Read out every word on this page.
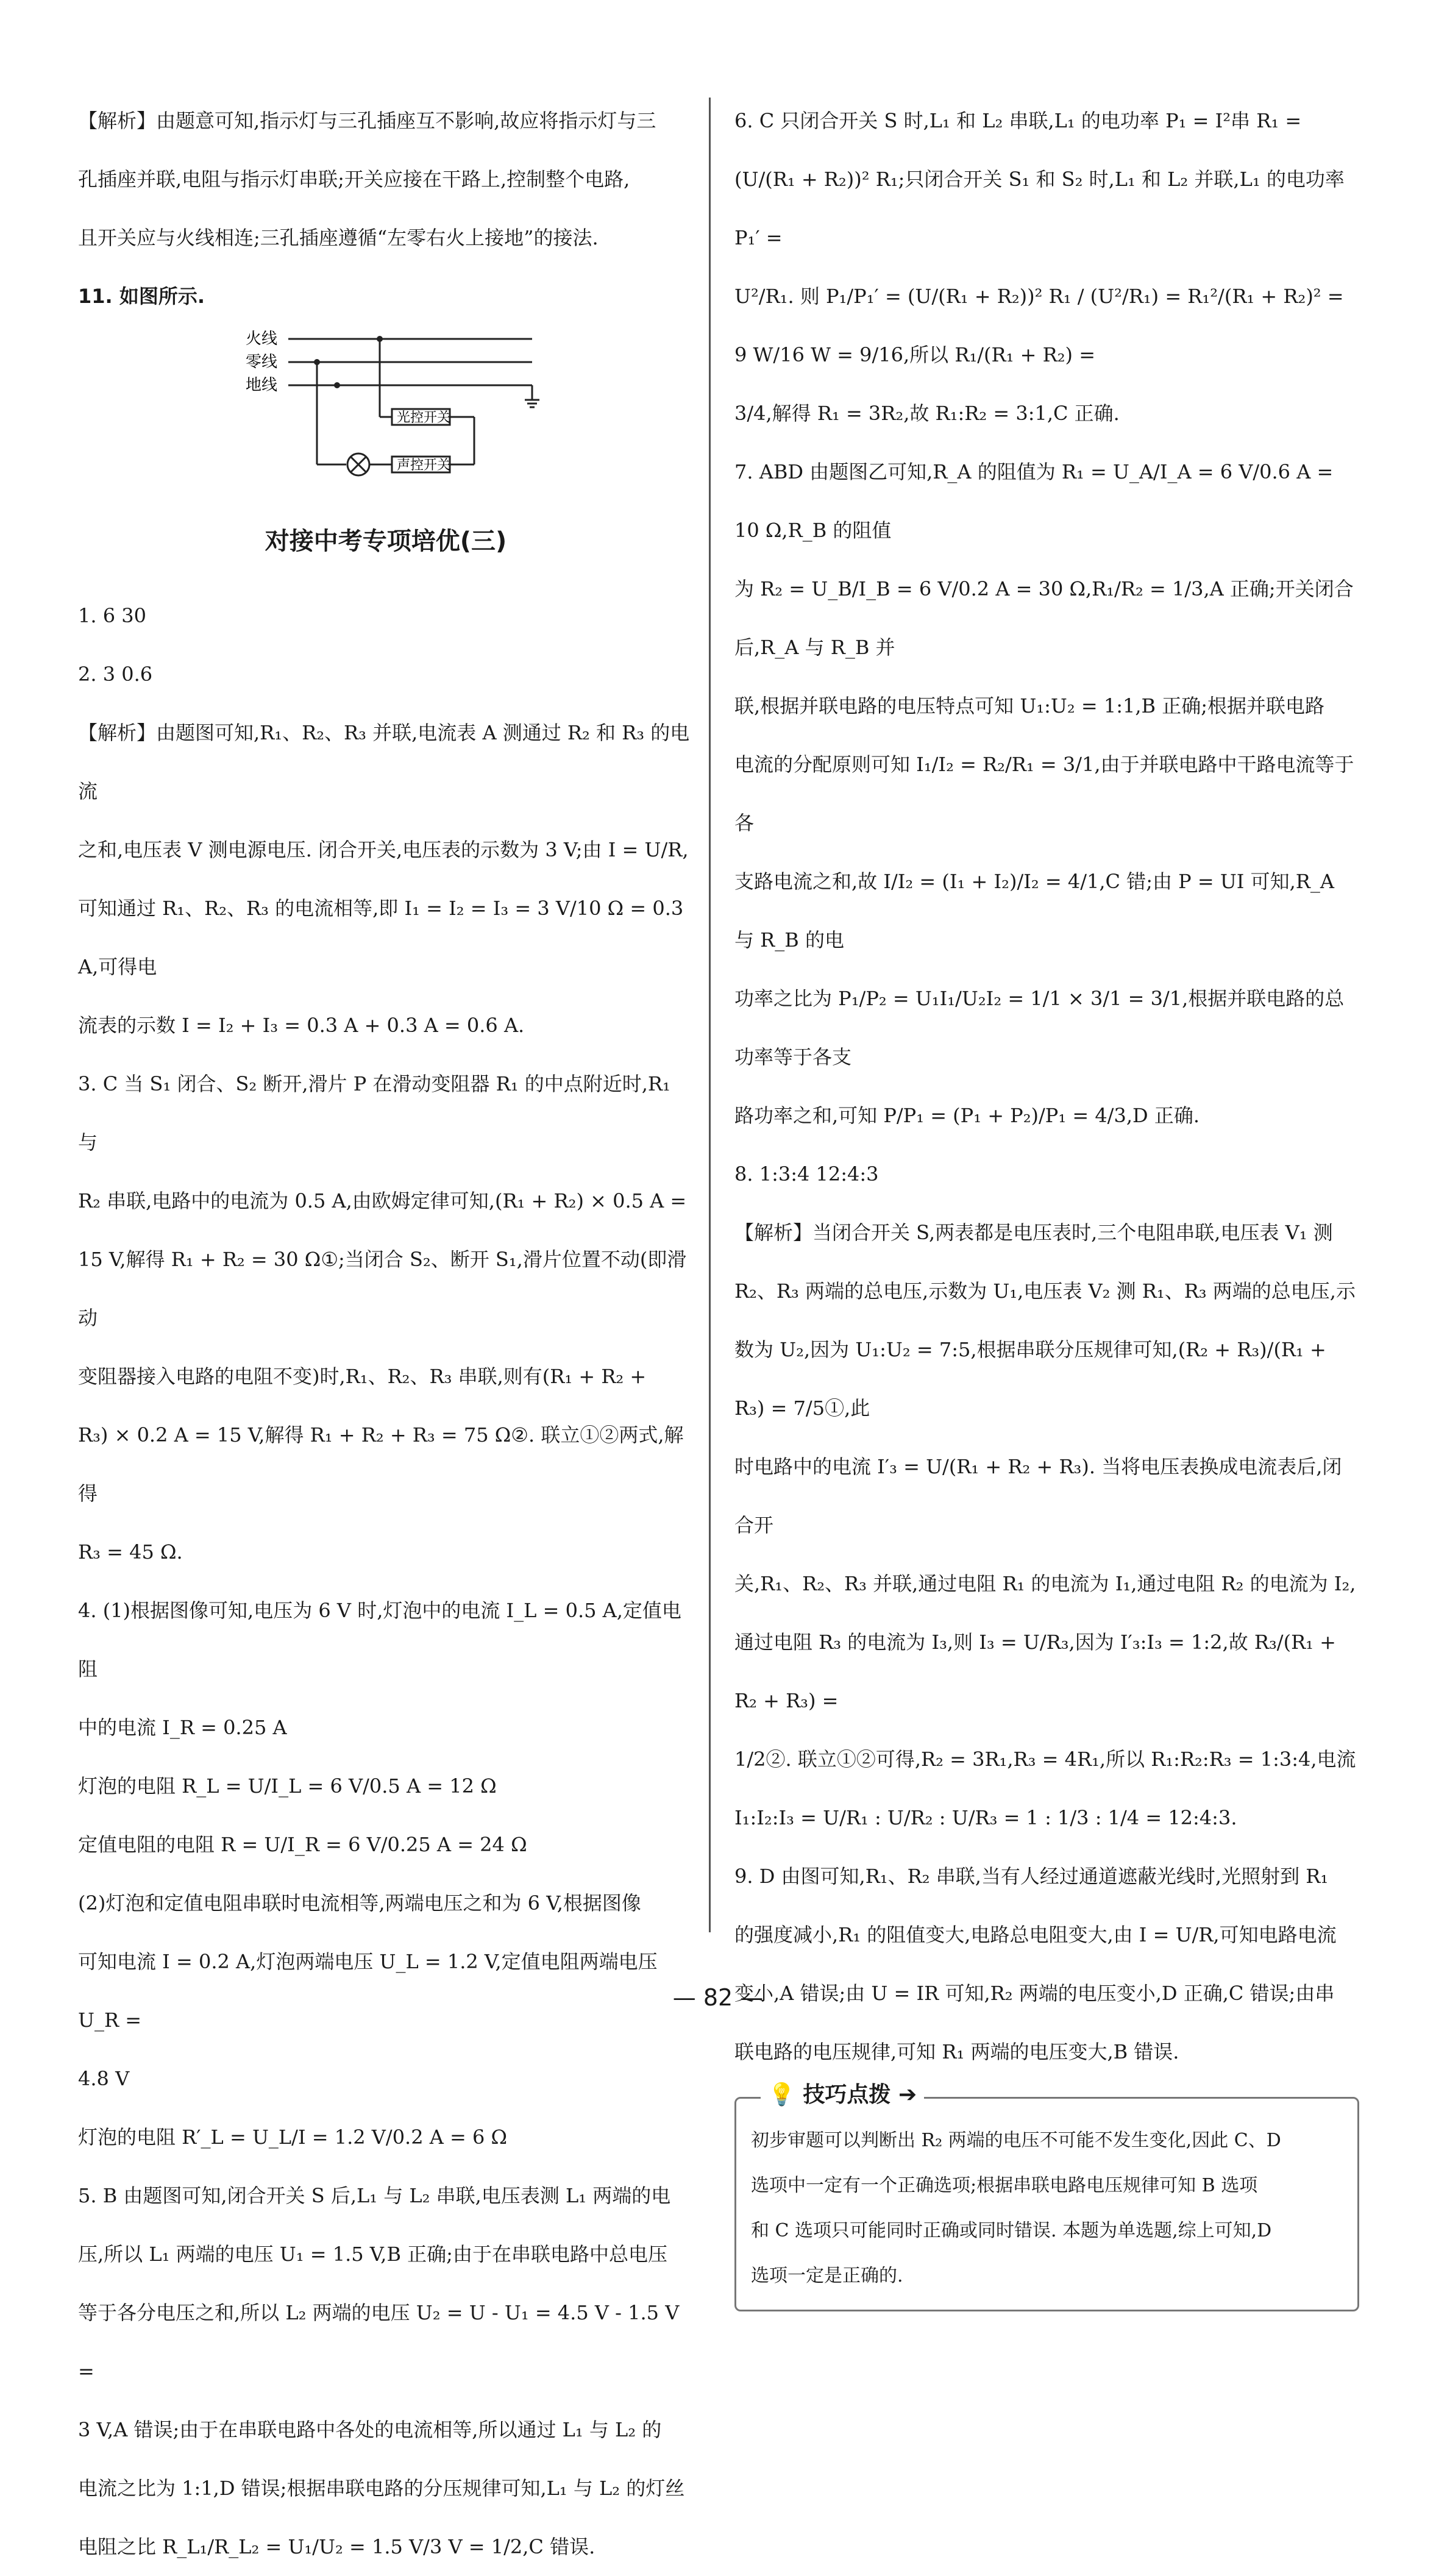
【解析】由题意可知,指示灯与三孔插座互不影响,故应将指示灯与三

孔插座并联,电阻与指示灯串联;开关应接在干路上,控制整个电路,

且开关应与火线相连;三孔插座遵循“左零右火上接地”的接法.

11. 如图所示.

火线
零线
地线
声控开关
光控开关
对接中考专项培优(三)

1. 6 30

2. 3 0.6

【解析】由题图可知,R₁、R₂、R₃ 并联,电流表 A 测通过 R₂ 和 R₃ 的电流

之和,电压表 V 测电源电压. 闭合开关,电压表的示数为 3 V;由 I = U/R,

可知通过 R₁、R₂、R₃ 的电流相等,即 I₁ = I₂ = I₃ = 3 V/10 Ω = 0.3 A,可得电

流表的示数 I = I₂ + I₃ = 0.3 A + 0.3 A = 0.6 A.

3. C 当 S₁ 闭合、S₂ 断开,滑片 P 在滑动变阻器 R₁ 的中点附近时,R₁ 与

R₂ 串联,电路中的电流为 0.5 A,由欧姆定律可知,(R₁ + R₂) × 0.5 A =

15 V,解得 R₁ + R₂ = 30 Ω①;当闭合 S₂、断开 S₁,滑片位置不动(即滑动

变阻器接入电路的电阻不变)时,R₁、R₂、R₃ 串联,则有(R₁ + R₂ +

R₃) × 0.2 A = 15 V,解得 R₁ + R₂ + R₃ = 75 Ω②. 联立①②两式,解得

R₃ = 45 Ω.

4. (1)根据图像可知,电压为 6 V 时,灯泡中的电流 I_L = 0.5 A,定值电阻

中的电流 I_R = 0.25 A

灯泡的电阻 R_L = U/I_L = 6 V/0.5 A = 12 Ω

定值电阻的电阻 R = U/I_R = 6 V/0.25 A = 24 Ω

(2)灯泡和定值电阻串联时电流相等,两端电压之和为 6 V,根据图像

可知电流 I = 0.2 A,灯泡两端电压 U_L = 1.2 V,定值电阻两端电压 U_R =

4.8 V

灯泡的电阻 R′_L = U_L/I = 1.2 V/0.2 A = 6 Ω

5. B 由题图可知,闭合开关 S 后,L₁ 与 L₂ 串联,电压表测 L₁ 两端的电

压,所以 L₁ 两端的电压 U₁ = 1.5 V,B 正确;由于在串联电路中总电压

等于各分电压之和,所以 L₂ 两端的电压 U₂ = U - U₁ = 4.5 V - 1.5 V =

3 V,A 错误;由于在串联电路中各处的电流相等,所以通过 L₁ 与 L₂ 的

电流之比为 1:1,D 错误;根据串联电路的分压规律可知,L₁ 与 L₂ 的灯丝

电阻之比 R_L₁/R_L₂ = U₁/U₂ = 1.5 V/3 V = 1/2,C 错误.

6. C 只闭合开关 S 时,L₁ 和 L₂ 串联,L₁ 的电功率 P₁ = I²串 R₁ =

(U/(R₁ + R₂))² R₁;只闭合开关 S₁ 和 S₂ 时,L₁ 和 L₂ 并联,L₁ 的电功率 P₁′ =

U²/R₁. 则 P₁/P₁′ = (U/(R₁ + R₂))² R₁ / (U²/R₁) = R₁²/(R₁ + R₂)² = 9 W/16 W = 9/16,所以 R₁/(R₁ + R₂) =

3/4,解得 R₁ = 3R₂,故 R₁:R₂ = 3:1,C 正确.

7. ABD 由题图乙可知,R_A 的阻值为 R₁ = U_A/I_A = 6 V/0.6 A = 10 Ω,R_B 的阻值

为 R₂ = U_B/I_B = 6 V/0.2 A = 30 Ω,R₁/R₂ = 1/3,A 正确;开关闭合后,R_A 与 R_B 并

联,根据并联电路的电压特点可知 U₁:U₂ = 1:1,B 正确;根据并联电路

电流的分配原则可知 I₁/I₂ = R₂/R₁ = 3/1,由于并联电路中干路电流等于各

支路电流之和,故 I/I₂ = (I₁ + I₂)/I₂ = 4/1,C 错;由 P = UI 可知,R_A 与 R_B 的电

功率之比为 P₁/P₂ = U₁I₁/U₂I₂ = 1/1 × 3/1 = 3/1,根据并联电路的总功率等于各支

路功率之和,可知 P/P₁ = (P₁ + P₂)/P₁ = 4/3,D 正确.

8. 1:3:4 12:4:3

【解析】当闭合开关 S,两表都是电压表时,三个电阻串联,电压表 V₁ 测

R₂、R₃ 两端的总电压,示数为 U₁,电压表 V₂ 测 R₁、R₃ 两端的总电压,示

数为 U₂,因为 U₁:U₂ = 7:5,根据串联分压规律可知,(R₂ + R₃)/(R₁ + R₃) = 7/5①,此

时电路中的电流 I′₃ = U/(R₁ + R₂ + R₃). 当将电压表换成电流表后,闭合开

关,R₁、R₂、R₃ 并联,通过电阻 R₁ 的电流为 I₁,通过电阻 R₂ 的电流为 I₂,

通过电阻 R₃ 的电流为 I₃,则 I₃ = U/R₃,因为 I′₃:I₃ = 1:2,故 R₃/(R₁ + R₂ + R₃) =

1/2②. 联立①②可得,R₂ = 3R₁,R₃ = 4R₁,所以 R₁:R₂:R₃ = 1:3:4,电流

I₁:I₂:I₃ = U/R₁ : U/R₂ : U/R₃ = 1 : 1/3 : 1/4 = 12:4:3.

9. D 由图可知,R₁、R₂ 串联,当有人经过通道遮蔽光线时,光照射到 R₁

的强度减小,R₁ 的阻值变大,电路总电阻变大,由 I = U/R,可知电路电流

变小,A 错误;由 U = IR 可知,R₂ 两端的电压变小,D 正确,C 错误;由串

联电路的电压规律,可知 R₁ 两端的电压变大,B 错误.

💡 技巧点拨 ➔
初步审题可以判断出 R₂ 两端的电压不可能不发生变化,因此 C、D
选项中一定有一个正确选项;根据串联电路电压规律可知 B 选项
和 C 选项只可能同时正确或同时错误. 本题为单选题,综上可知,D
选项一定是正确的.
— 82 —
